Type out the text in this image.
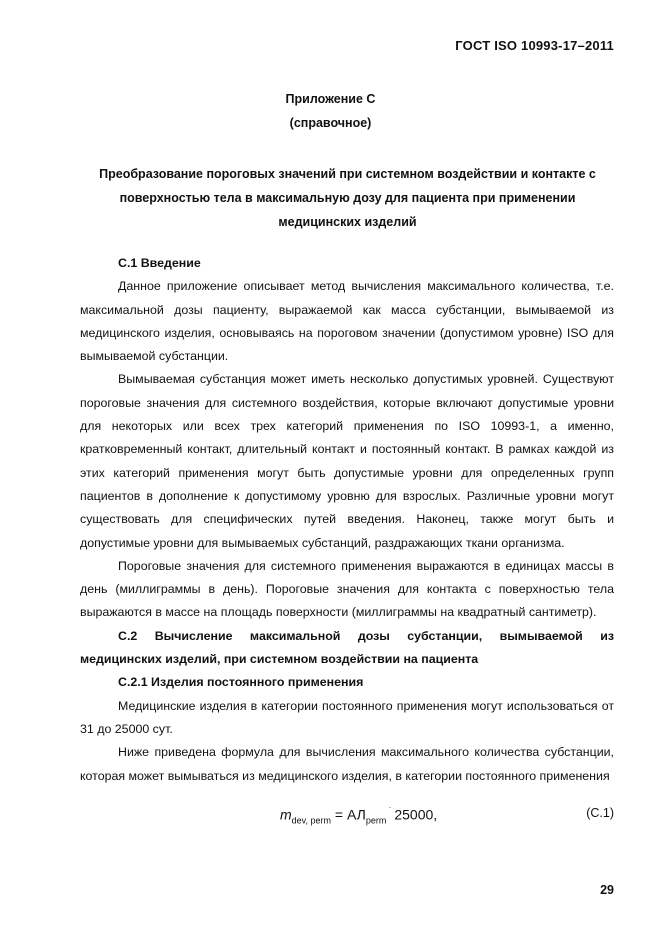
ГОСТ ISO 10993-17–2011
Приложение С
(справочное)
Преобразование пороговых значений при системном воздействии и контакте с поверхностью тела в максимальную дозу для пациента при применении медицинских изделий

С.1 Введение

Данное приложение описывает метод вычисления максимального количества, т.е. максимальной дозы пациенту, выражаемой как масса субстанции, вымываемой из медицинского изделия, основываясь на пороговом значении (допустимом уровне) ISO для вымываемой субстанции.

Вымываемая субстанция может иметь несколько допустимых уровней. Существуют пороговые значения для системного воздействия, которые включают допустимые уровни для некоторых или всех трех категорий применения по ISO 10993-1, а именно, кратковременный контакт, длительный контакт и постоянный контакт. В рамках каждой из этих категорий применения могут быть допустимые уровни для определенных групп пациентов в дополнение к допустимому уровню для взрослых. Различные уровни могут существовать для специфических путей введения. Наконец, также могут быть и допустимые уровни для вымываемых субстанций, раздражающих ткани организма.

Пороговые значения для системного применения выражаются в единицах массы в день (миллиграммы в день). Пороговые значения для контакта с поверхностью тела выражаются в массе на площадь поверхности (миллиграммы на квадратный сантиметр).

С.2 Вычисление максимальной дозы субстанции, вымываемой из медицинских изделий, при системном воздействии на пациента

С.2.1 Изделия постоянного применения

Медицинские изделия в категории постоянного применения могут использоваться от 31 до 25000 сут.

Ниже приведена формула для вычисления максимального количества субстанции, которая может вымываться из медицинского изделия, в категории постоянного применения

$m_{dev, perm} = АЛ_{perm}$ ˙ 25000,	(С.1)
29
